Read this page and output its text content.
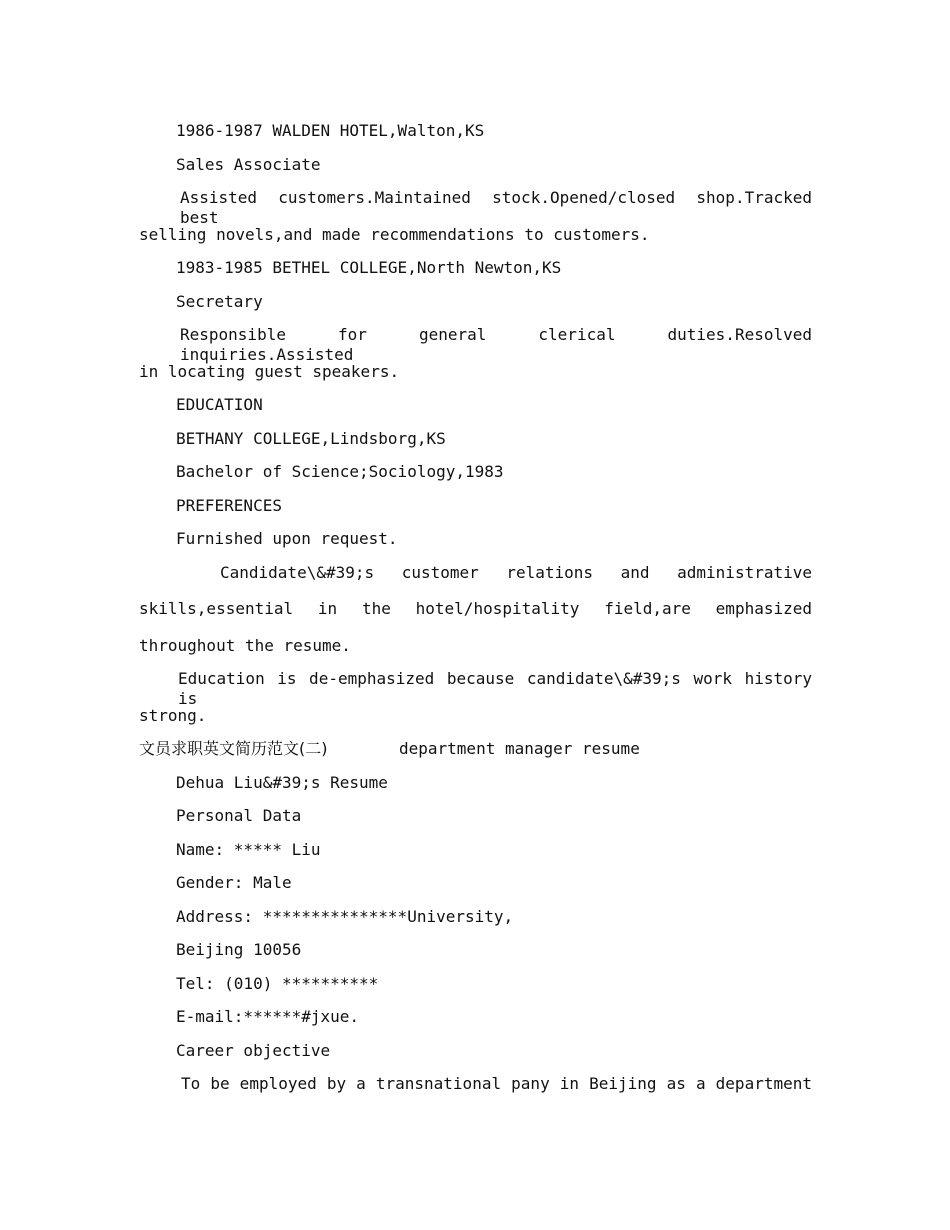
1986-1987 WALDEN HOTEL,Walton,KS
Sales Associate
Assisted customers.Maintained stock.Opened/closed shop.Tracked best
selling novels,and made recommendations to customers.
1983-1985 BETHEL COLLEGE,North Newton,KS
Secretary
Responsible for general clerical duties.Resolved inquiries.Assisted
in locating guest speakers.
EDUCATION
BETHANY COLLEGE,Lindsborg,KS
Bachelor of Science;Sociology,1983
PREFERENCES
Furnished upon request.
Candidate\&#39;s customer relations and administrative
skills,essential in the hotel/hospitality field,are emphasized
throughout the resume.
Education is de-emphasized because candidate\&#39;s work history is
strong.
文员求职英文简历范文(二)	department manager resume
Dehua Liu&#39;s Resume
Personal Data
Name: ***** Liu
Gender: Male
Address: ***************University,
Beijing 10056
Tel: (010) **********
E-mail:******#jxue.
Career objective
To be employed by a transnational pany in Beijing as a department
